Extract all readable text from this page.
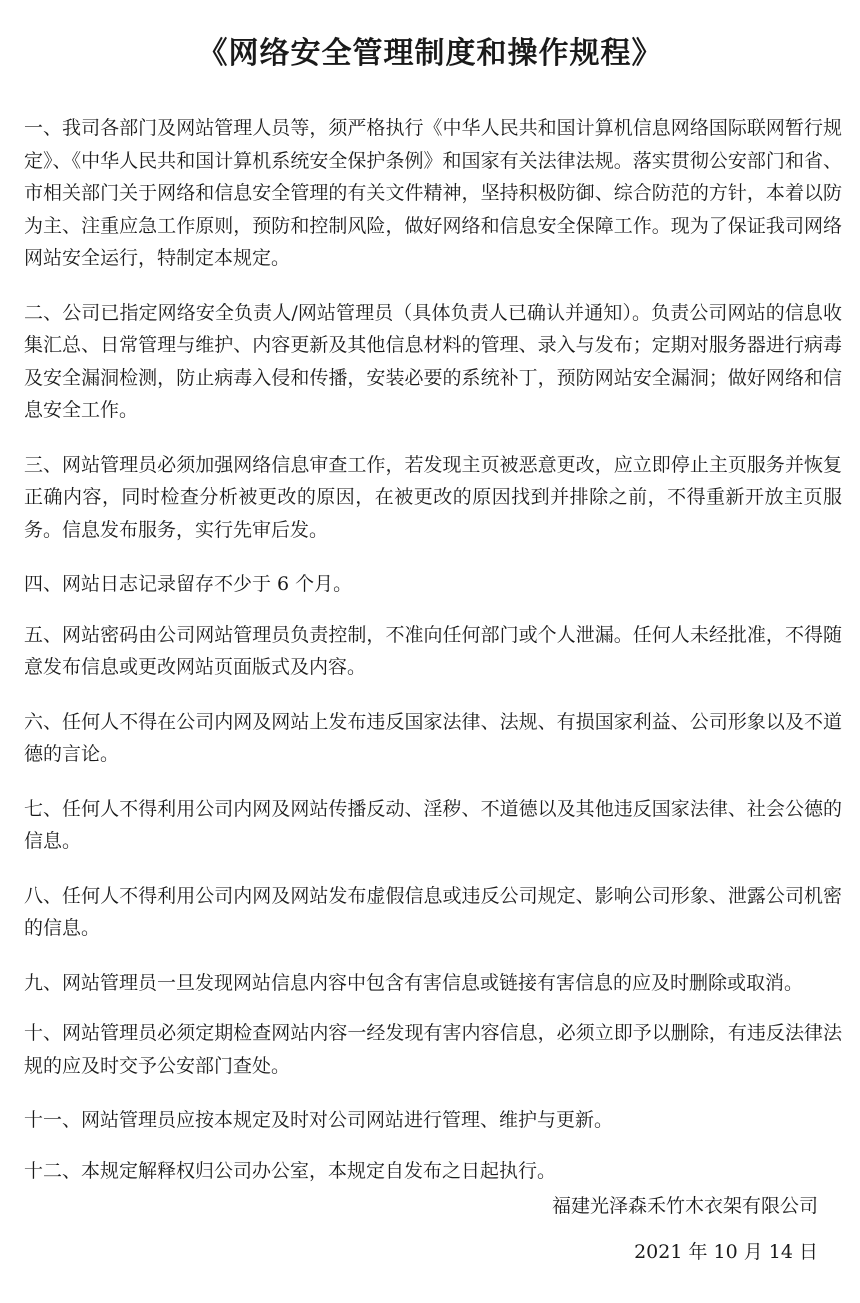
《网络安全管理制度和操作规程》

一、我司各部门及网站管理人员等，须严格执行《中华人民共和国计算机信息网络国际联网暂行规定》、《中华人民共和国计算机系统安全保护条例》和国家有关法律法规。落实贯彻公安部门和省、市相关部门关于网络和信息安全管理的有关文件精神，坚持积极防御、综合防范的方针，本着以防为主、注重应急工作原则，预防和控制风险，做好网络和信息安全保障工作。现为了保证我司网络网站安全运行，特制定本规定。

二、公司已指定网络安全负责人/网站管理员（具体负责人已确认并通知）。负责公司网站的信息收集汇总、日常管理与维护、内容更新及其他信息材料的管理、录入与发布；定期对服务器进行病毒及安全漏洞检测，防止病毒入侵和传播，安装必要的系统补丁，预防网站安全漏洞；做好网络和信息安全工作。

三、网站管理员必须加强网络信息审查工作，若发现主页被恶意更改，应立即停止主页服务并恢复正确内容，同时检查分析被更改的原因，在被更改的原因找到并排除之前，不得重新开放主页服务。信息发布服务，实行先审后发。

四、网站日志记录留存不少于 6 个月。

五、网站密码由公司网站管理员负责控制，不准向任何部门或个人泄漏。任何人未经批准，不得随意发布信息或更改网站页面版式及内容。

六、任何人不得在公司内网及网站上发布违反国家法律、法规、有损国家利益、公司形象以及不道德的言论。

七、任何人不得利用公司内网及网站传播反动、淫秽、不道德以及其他违反国家法律、社会公德的信息。

八、任何人不得利用公司内网及网站发布虚假信息或违反公司规定、影响公司形象、泄露公司机密的信息。

九、网站管理员一旦发现网站信息内容中包含有害信息或链接有害信息的应及时删除或取消。

十、网站管理员必须定期检查网站内容一经发现有害内容信息，必须立即予以删除，有违反法律法规的应及时交予公安部门查处。

十一、网站管理员应按本规定及时对公司网站进行管理、维护与更新。

十二、本规定解释权归公司办公室，本规定自发布之日起执行。

福建光泽森禾竹木衣架有限公司
2021 年 10 月 14 日
